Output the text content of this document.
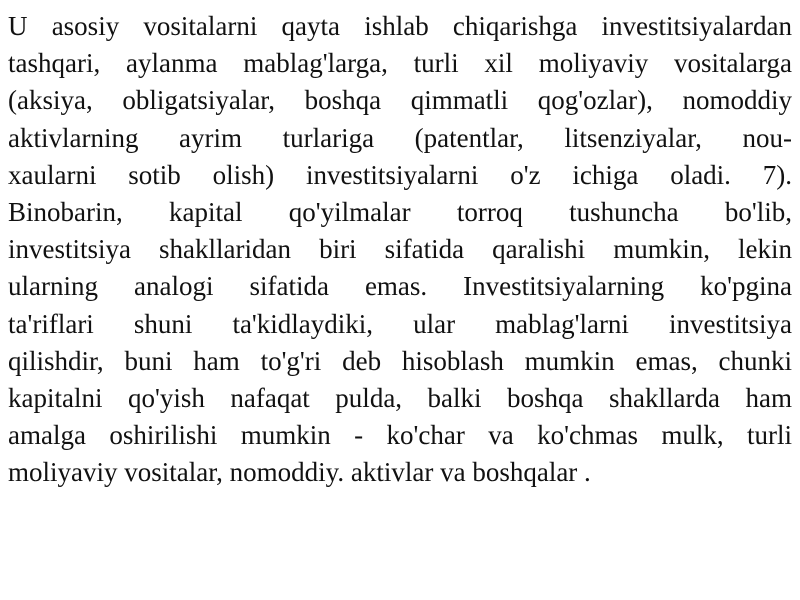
U asosiy vositalarni qayta ishlab chiqarishga investitsiyalardan
tashqari, aylanma mablag'larga, turli xil moliyaviy vositalarga
(aksiya, obligatsiyalar, boshqa qimmatli qog'ozlar), nomoddiy
aktivlarning ayrim turlariga (patentlar, litsenziyalar, nou-
xaularni sotib olish) investitsiyalarni o'z ichiga oladi. 7).
Binobarin, kapital qo'yilmalar torroq tushuncha bo'lib,
investitsiya shakllaridan biri sifatida qaralishi mumkin, lekin
ularning analogi sifatida emas. Investitsiyalarning ko'pgina
ta'riflari shuni ta'kidlaydiki, ular mablag'larni investitsiya
qilishdir, buni ham to'g'ri deb hisoblash mumkin emas, chunki
kapitalni qo'yish nafaqat pulda, balki boshqa shakllarda ham
amalga oshirilishi mumkin - ko'char va ko'chmas mulk, turli
moliyaviy vositalar, nomoddiy. aktivlar va boshqalar .
